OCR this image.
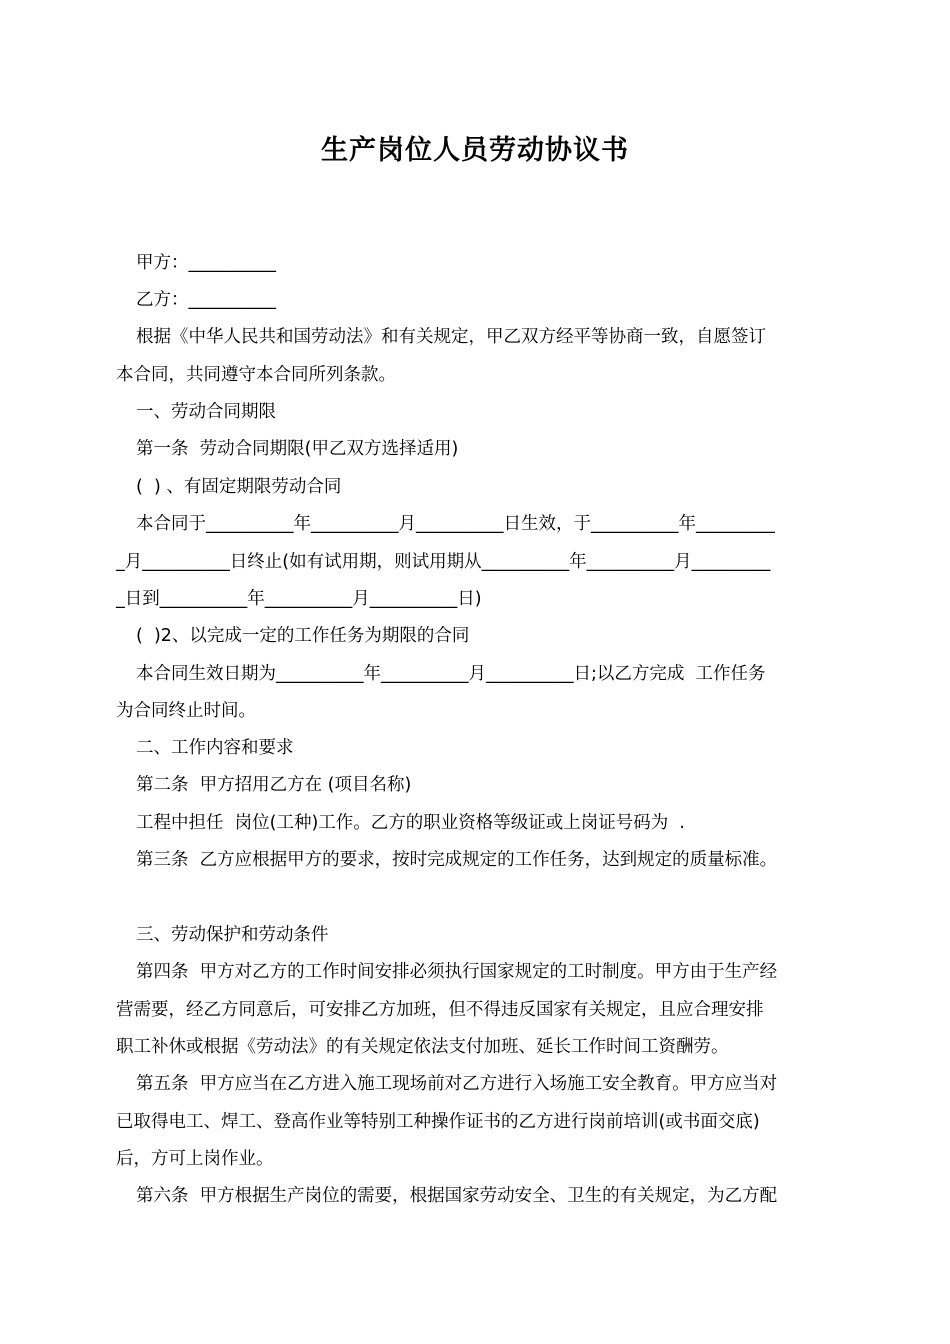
生产岗位人员劳动协议书
甲方：__________
乙方：__________
根据《中华人民共和国劳动法》和有关规定，甲乙双方经平等协商一致，自愿签订
本合同，共同遵守本合同所列条款。
一、劳动合同期限
第一条  劳动合同期限(甲乙双方选择适用)
(  ) 、有固定期限劳动合同
本合同于__________年__________月__________日生效，于__________年_________
_月__________日终止(如有试用期，则试用期从__________年__________月_________
_日到__________年__________月__________日)
(  )2、以完成一定的工作任务为期限的合同
本合同生效日期为__________年__________月__________日;以乙方完成  工作任务
为合同终止时间。
二、工作内容和要求
第二条  甲方招用乙方在 (项目名称)
工程中担任  岗位(工种)工作。乙方的职业资格等级证或上岗证号码为  .
第三条  乙方应根据甲方的要求，按时完成规定的工作任务，达到规定的质量标准。
三、劳动保护和劳动条件
第四条  甲方对乙方的工作时间安排必须执行国家规定的工时制度。甲方由于生产经
营需要，经乙方同意后，可安排乙方加班，但不得违反国家有关规定，且应合理安排
职工补休或根据《劳动法》的有关规定依法支付加班、延长工作时间工资酬劳。
第五条  甲方应当在乙方进入施工现场前对乙方进行入场施工安全教育。甲方应当对
已取得电工、焊工、登高作业等特别工种操作证书的乙方进行岗前培训(或书面交底)
后，方可上岗作业。
第六条  甲方根据生产岗位的需要，根据国家劳动安全、卫生的有关规定，为乙方配
